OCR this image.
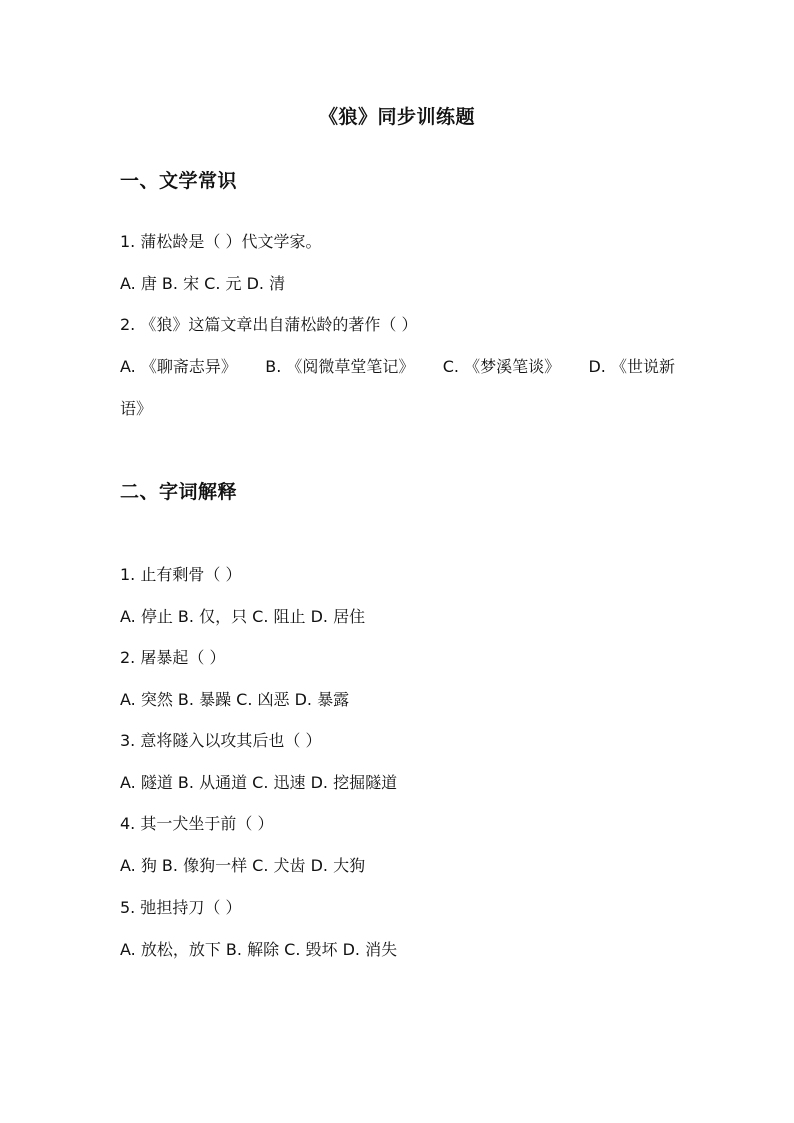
《狼》同步训练题
一、文学常识
1. 蒲松龄是（ ）代文学家。
A. 唐 B. 宋 C. 元 D. 清
2. 《狼》这篇文章出自蒲松龄的著作（ ）
A. 《聊斋志异》 B. 《阅微草堂笔记》 C. 《梦溪笔谈》 D. 《世说新
语》
二、字词解释
1. 止有剩骨（ ）
A. 停止 B. 仅，只 C. 阻止 D. 居住
2. 屠暴起（ ）
A. 突然 B. 暴躁 C. 凶恶 D. 暴露
3. 意将隧入以攻其后也（ ）
A. 隧道 B. 从通道 C. 迅速 D. 挖掘隧道
4. 其一犬坐于前（ ）
A. 狗 B. 像狗一样 C. 犬齿 D. 大狗
5. 弛担持刀（ ）
A. 放松，放下 B. 解除 C. 毁坏 D. 消失
